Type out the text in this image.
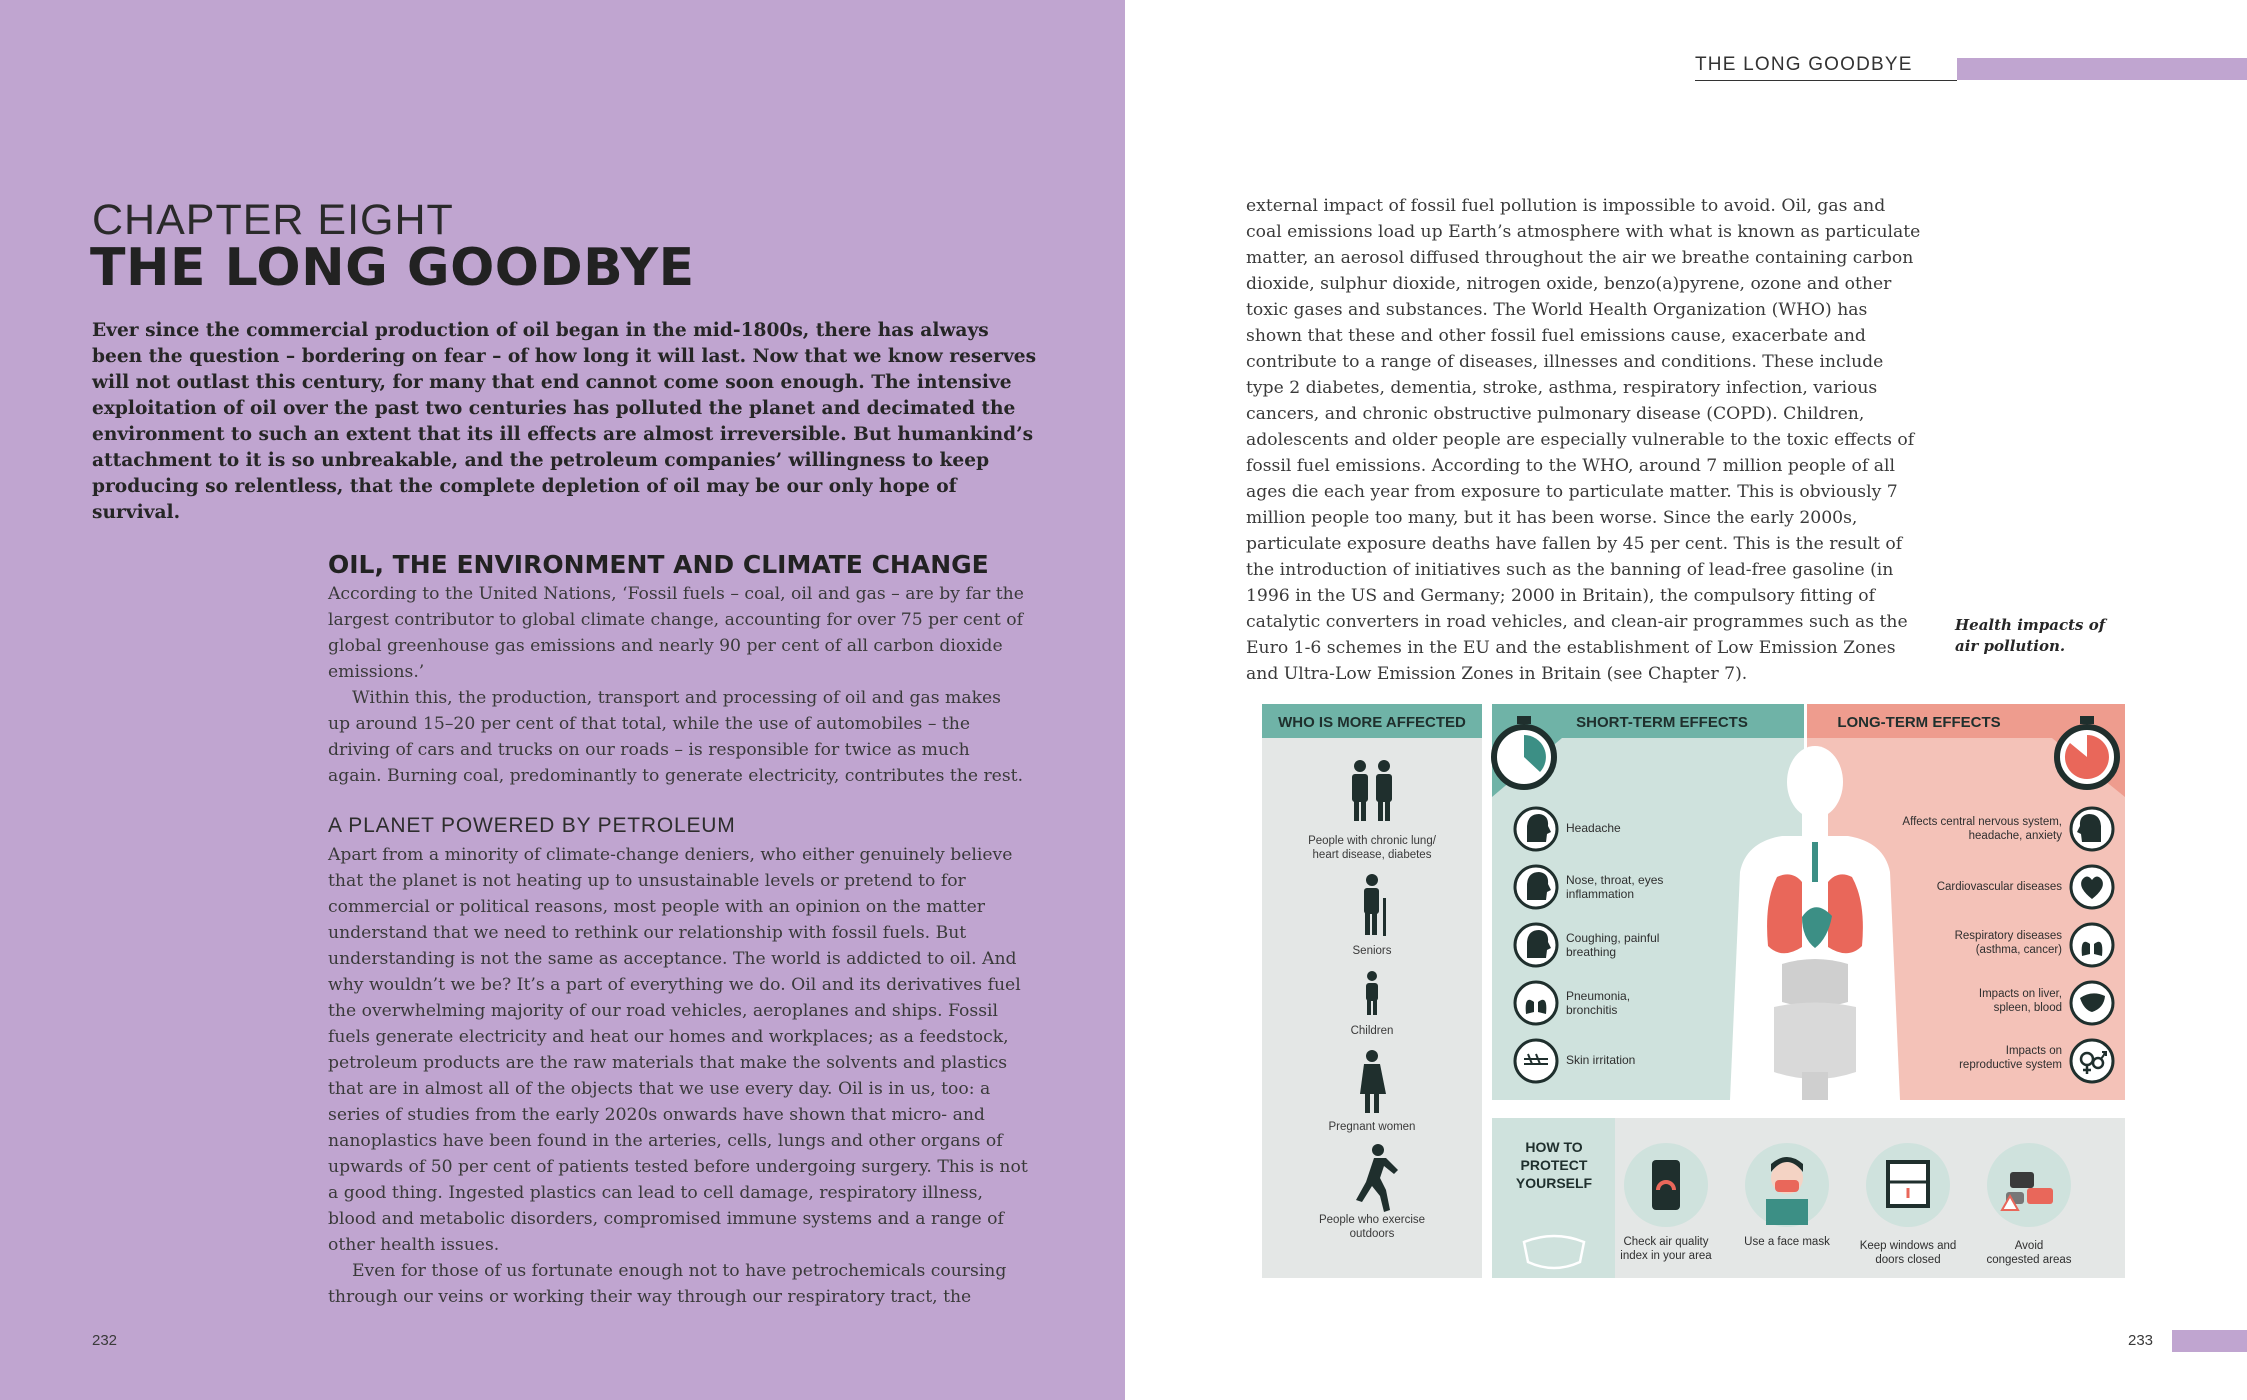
CHAPTER EIGHT
THE LONG GOODBYE
Ever since the commercial production of oil began in the mid-1800s, there has always been the question – bordering on fear – of how long it will last. Now that we know reserves will not outlast this century, for many that end cannot come soon enough. The intensive exploitation of oil over the past two centuries has polluted the planet and decimated the environment to such an extent that its ill effects are almost irreversible. But humankind’s attachment to it is so unbreakable, and the petroleum companies’ willingness to keep producing so relentless, that the complete depletion of oil may be our only hope of survival.
OIL, THE ENVIRONMENT AND CLIMATE CHANGE

According to the United Nations, ‘Fossil fuels – coal, oil and gas – are by far the largest contributor to global climate change, accounting for over 75 per cent of global greenhouse gas emissions and nearly 90 per cent of all carbon dioxide emissions.’

Within this, the production, transport and processing of oil and gas makes up around 15–20 per cent of that total, while the use of automobiles – the driving of cars and trucks on our roads – is responsible for twice as much again. Burning coal, predominantly to generate electricity, contributes the rest.

A PLANET POWERED BY PETROLEUM

Apart from a minority of climate-change deniers, who either genuinely believe that the planet is not heating up to unsustainable levels or pretend to for commercial or political reasons, most people with an opinion on the matter understand that we need to rethink our relationship with fossil fuels. But understanding is not the same as acceptance. The world is addicted to oil. And why wouldn’t we be? It’s a part of everything we do. Oil and its derivatives fuel the overwhelming majority of our road vehicles, aeroplanes and ships. Fossil fuels generate electricity and heat our homes and workplaces; as a feedstock, petroleum products are the raw materials that make the solvents and plastics that are in almost all of the objects that we use every day. Oil is in us, too: a series of studies from the early 2020s onwards have shown that micro- and nanoplastics have been found in the arteries, cells, lungs and other organs of upwards of 50 per cent of patients tested before undergoing surgery. This is not a good thing. Ingested plastics can lead to cell damage, respiratory illness, blood and metabolic disorders, compromised immune systems and a range of other health issues.

Even for those of us fortunate enough not to have petrochemicals coursing through our veins or working their way through our respiratory tract, the

232
THE LONG GOODBYE

external impact of fossil fuel pollution is impossible to avoid. Oil, gas and coal emissions load up Earth’s atmosphere with what is known as particulate matter, an aerosol diffused throughout the air we breathe containing carbon dioxide, sulphur dioxide, nitrogen oxide, benzo(a)pyrene, ozone and other toxic gases and substances. The World Health Organization (WHO) has shown that these and other fossil fuel emissions cause, exacerbate and contribute to a range of diseases, illnesses and conditions. These include type 2 diabetes, dementia, stroke, asthma, respiratory infection, various cancers, and chronic obstructive pulmonary disease (COPD). Children, adolescents and older people are especially vulnerable to the toxic effects of fossil fuel emissions. According to the WHO, around 7 million people of all ages die each year from exposure to particulate matter. This is obviously 7 million people too many, but it has been worse. Since the early 2000s, particulate exposure deaths have fallen by 45 per cent. This is the result of the introduction of initiatives such as the banning of lead-free gasoline (in 1996 in the US and Germany; 2000 in Britain), the compulsory fitting of catalytic converters in road vehicles, and clean-air programmes such as the Euro 1-6 schemes in the EU and the establishment of Low Emission Zones and Ultra-Low Emission Zones in Britain (see Chapter 7).

Health impacts of
air pollution.
WHO IS MORE AFFECTED	SHORT-TERM EFFECTS	LONG-TERM EFFECTS
People with chronic lung/
heart disease, diabetes
Seniors
Children
Pregnant women
People who exercise
outdoors
Headache
Nose, throat, eyes
inflammation
Coughing, painful
breathing
Pneumonia,
bronchitis
Skin irritation
Affects central nervous system,
headache, anxiety
Cardiovascular diseases
Respiratory diseases
(asthma, cancer)
Impacts on liver,
spleen, blood
Impacts on
reproductive system
HOW TO
PROTECT
YOURSELF
Check air quality
index in your area
Use a face mask	Keep windows and
doors closed
Avoid
congested areas
233
